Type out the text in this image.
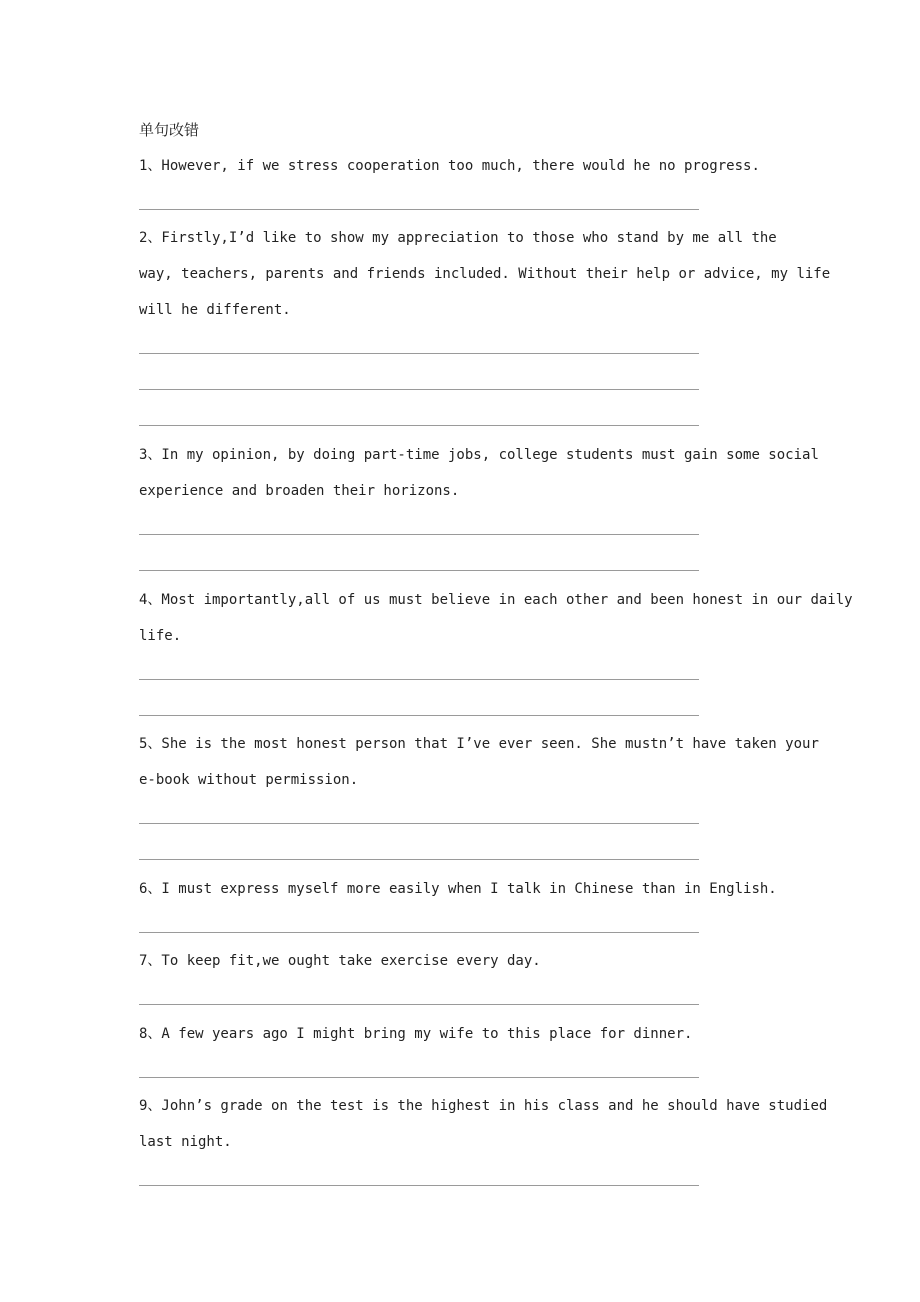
单句改错
1、However, if we stress cooperation too much, there would he no progress.
2、Firstly,I’d like to show my appreciation to those who stand by me all the
way, teachers, parents and friends included. Without their help or advice, my life
will he different.
3、In my opinion, by doing part-time jobs, college students must gain some social
experience and broaden their horizons.
4、Most importantly,all of us must believe in each other and been honest in our daily
life.
5、She is the most honest person that I’ve ever seen. She mustn’t have taken your
e-book without permission.
6、I must express myself more easily when I talk in Chinese than in English.
7、To keep fit,we ought take exercise every day.
8、A few years ago I might bring my wife to this place for dinner.
9、John’s grade on the test is the highest in his class and he should have studied
last night.
